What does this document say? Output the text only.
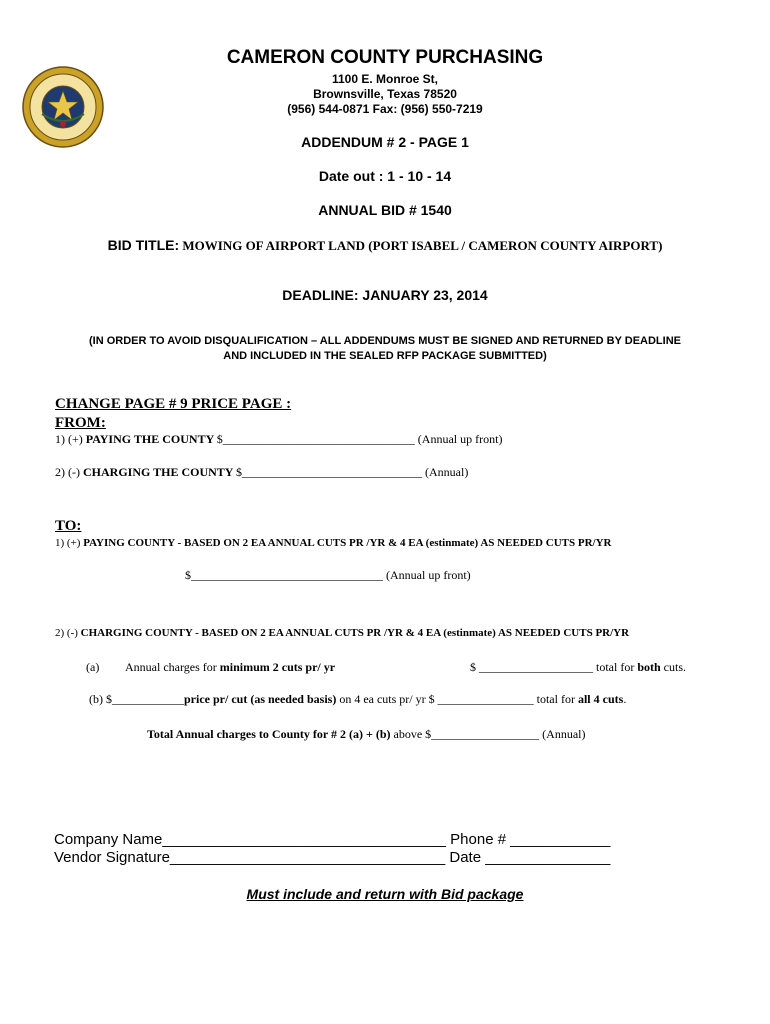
CAMERON COUNTY PURCHASING
1100 E. Monroe St,
Brownsville, Texas 78520
(956) 544-0871 Fax: (956) 550-7219
ADDENDUM # 2 - PAGE 1
Date out : 1 - 10 - 14
ANNUAL BID # 1540
BID TITLE: MOWING OF AIRPORT LAND (PORT ISABEL / CAMERON COUNTY AIRPORT)
DEADLINE: JANUARY 23, 2014
(IN ORDER TO AVOID DISQUALIFICATION – ALL ADDENDUMS MUST BE SIGNED AND RETURNED BY DEADLINE
AND INCLUDED IN THE SEALED RFP PACKAGE SUBMITTED)
CHANGE PAGE # 9 PRICE PAGE :
FROM:
1) (+) PAYING THE COUNTY $________________________________ (Annual up front)
2) (-) CHARGING THE COUNTY $______________________________ (Annual)
TO:
1) (+) PAYING COUNTY - BASED ON 2 EA ANNUAL CUTS PR /YR & 4 EA (estinmate) AS NEEDED CUTS PR/YR
$________________________________ (Annual up front)
2) (-) CHARGING COUNTY - BASED ON 2 EA ANNUAL CUTS PR /YR & 4 EA (estinmate) AS NEEDED CUTS PR/YR
(a) Annual charges for minimum 2 cuts pr/ yr	$ ___________________ total for both cuts.
(b) $____________price pr/ cut (as needed basis) on 4 ea cuts pr/ yr $ ________________ total for all 4 cuts.
Total Annual charges to County for # 2 (a) + (b) above $__________________ (Annual)
Company Name__________________________________ Phone # ____________
Vendor Signature_________________________________ Date _______________
Must include and return with Bid package
